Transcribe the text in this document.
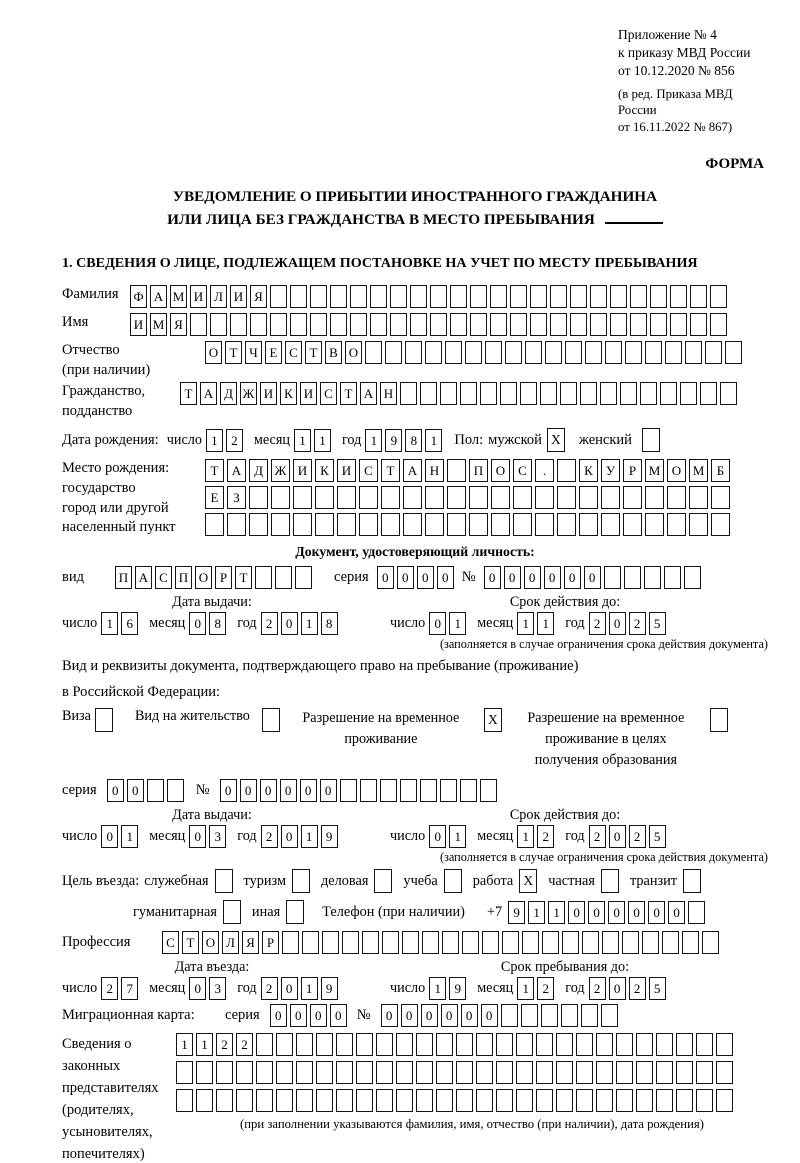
Приложение № 4
к приказу МВД России
от 10.12.2020 № 856
(в ред. Приказа МВД России
от 16.11.2022 № 867)
ФОРМА
УВЕДОМЛЕНИЕ О ПРИБЫТИИ ИНОСТРАННОГО ГРАЖДАНИНА
ИЛИ ЛИЦА БЕЗ ГРАЖДАНСТВА В МЕСТО ПРЕБЫВАНИЯ
1. СВЕДЕНИЯ О ЛИЦЕ, ПОДЛЕЖАЩЕМ ПОСТАНОВКЕ НА УЧЕТ ПО МЕСТУ ПРЕБЫВАНИЯ
Фамилия	Ф А М И Л И Я
Имя	И М Я
Отчество
(при наличии)
О Т Ч Е С Т В О
Гражданство,
подданство
Т А Д Ж И К И С Т А Н
Дата рождения: число 1	2	месяц 1	1	год 1	9	8	1	Пол: мужской X женский
Место рождения:
государство
город или другой
населенный пункт
Т	А Д Ж И К И С	Т	А Н	П О С	.	К	У	Р М О М Б
Е	З
Документ, удостоверяющий личность:
вид	П А С П О Р Т	серия	0	0	0	0 №	0	0	0	0	0	0
Дата выдачи:	Срок действия до:
число 1	6	месяц 0	8	год 2	0	1	8	число 0	1	месяц 1	1	год 2	0	2	5
(заполняется в случае ограничения срока действия документа)
Вид и реквизиты документа, подтверждающего право на пребывание (проживание)
в Российской Федерации:
Виза	Вид на жительство	Разрешение на временное
проживание
X	Разрешение на временное
проживание в целях
получения образования
серия	0	0	№	0	0	0	0	0	0
Дата выдачи:	Срок действия до:
число 0	1	месяц 0	3	год 2	0	1	9	число 0	1	месяц 1	2	год 2	0	2	5
(заполняется в случае ограничения срока действия документа)
Цель въезда: служебная туризм деловая учеба работа X частная транзит
гуманитарная иная	Телефон (при наличии) +7 9	1	1	0	0	0	0	0	0
Профессия	С Т О Л Я Р
Дата въезда:	Срок пребывания до:
число 2	7	месяц 0	3	год 2	0	1	9	число 1	9	месяц 1	2	год 2	0	2	5
Миграционная карта:	серия	0	0	0	0	№	0	0	0	0	0	0
Сведения о
законных
представителях
(родителях,
усыновителях,
попечителях)
1	1	2	2
(при заполнении указываются фамилия, имя, отчество (при наличии), дата рождения)
